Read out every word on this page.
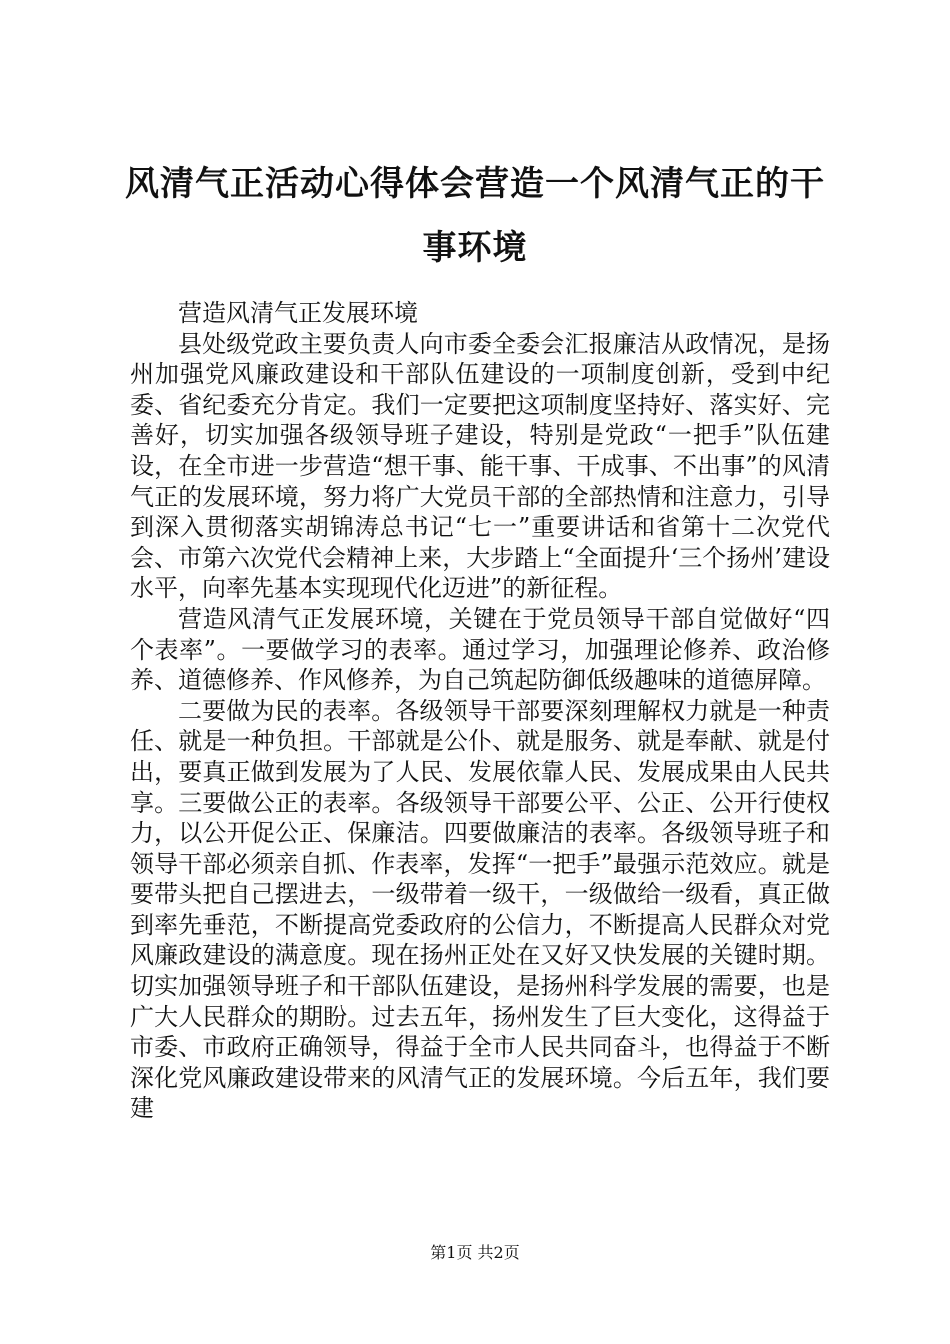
风清气正活动心得体会营造一个风清气正的干事环境

营造风清气正发展环境

县处级党政主要负责人向市委全委会汇报廉洁从政情况，是扬州加强党风廉政建设和干部队伍建设的一项制度创新，受到中纪委、省纪委充分肯定。我们一定要把这项制度坚持好、落实好、完善好，切实加强各级领导班子建设，特别是党政“一把手”队伍建设，在全市进一步营造“想干事、能干事、干成事、不出事”的风清气正的发展环境，努力将广大党员干部的全部热情和注意力，引导到深入贯彻落实胡锦涛总书记“七一”重要讲话和省第十二次党代会、市第六次党代会精神上来，大步踏上“全面提升‘三个扬州’建设水平，向率先基本实现现代化迈进”的新征程。

营造风清气正发展环境，关键在于党员领导干部自觉做好“四个表率”。一要做学习的表率。通过学习，加强理论修养、政治修养、道德修养、作风修养，为自己筑起防御低级趣味的道德屏障。

二要做为民的表率。各级领导干部要深刻理解权力就是一种责任、就是一种负担。干部就是公仆、就是服务、就是奉献、就是付出，要真正做到发展为了人民、发展依靠人民、发展成果由人民共享。三要做公正的表率。各级领导干部要公平、公正、公开行使权力，以公开促公正、保廉洁。四要做廉洁的表率。各级领导班子和领导干部必须亲自抓、作表率，发挥“一把手”最强示范效应。就是要带头把自己摆进去，一级带着一级干，一级做给一级看，真正做到率先垂范，不断提高党委政府的公信力，不断提高人民群众对党风廉政建设的满意度。现在扬州正处在又好又快发展的关键时期。切实加强领导班子和干部队伍建设，是扬州科学发展的需要，也是广大人民群众的期盼。过去五年，扬州发生了巨大变化，这得益于市委、市政府正确领导，得益于全市人民共同奋斗，也得益于不断深化党风廉政建设带来的风清气正的发展环境。今后五年，我们要建

第1页 共2页
